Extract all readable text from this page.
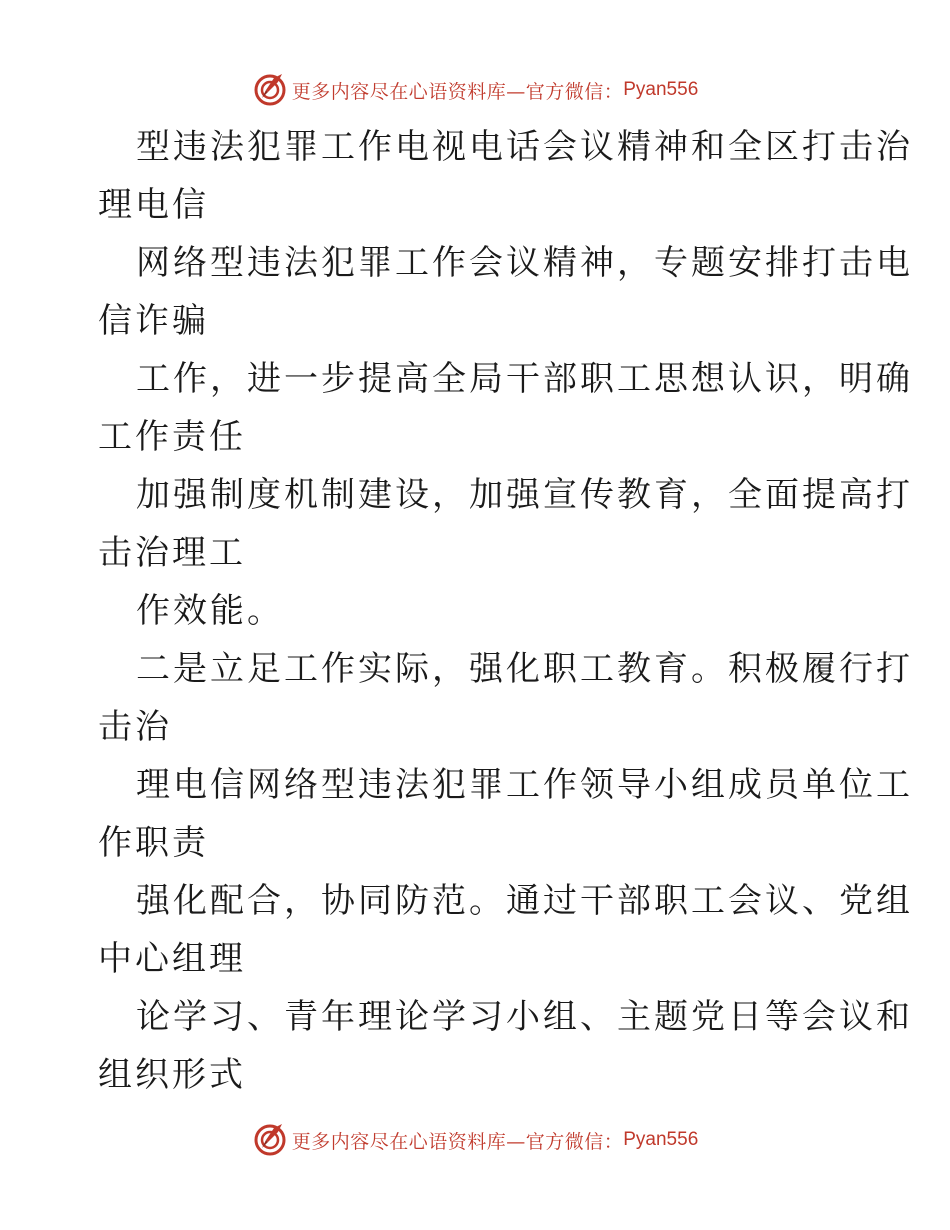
更多内容尽在心语资料库—官方微信： Pyan556
型违法犯罪工作电视电话会议精神和全区打击治
理电信
网络型违法犯罪工作会议精神，专题安排打击电
信诈骗
工作，进一步提高全局干部职工思想认识，明确
工作责任
加强制度机制建设，加强宣传教育，全面提高打
击治理工
作效能。
二是立足工作实际，强化职工教育。积极履行打
击治
理电信网络型违法犯罪工作领导小组成员单位工
作职责
强化配合，协同防范。通过干部职工会议、党组
中心组理
论学习、青年理论学习小组、主题党日等会议和
组织形式
更多内容尽在心语资料库—官方微信： Pyan556
